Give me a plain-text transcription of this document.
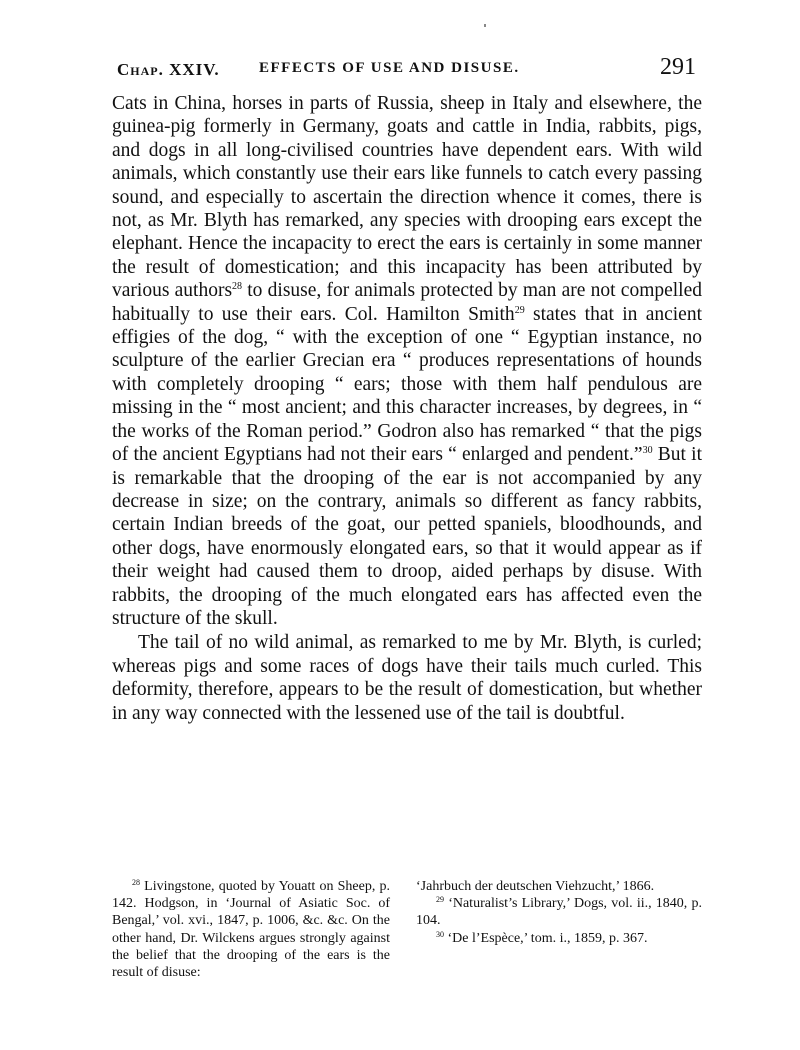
Chap. XXIV.	EFFECTS OF USE AND DISUSE.	291

Cats in China, horses in parts of Russia, sheep in Italy and elsewhere, the guinea-pig formerly in Germany, goats and cattle in India, rabbits, pigs, and dogs in all long-civilised countries have dependent ears. With wild animals, which constantly use their ears like funnels to catch every passing sound, and especially to ascertain the direction whence it comes, there is not, as Mr. Blyth has remarked, any species with drooping ears except the elephant. Hence the incapacity to erect the ears is certainly in some manner the result of domestication; and this incapacity has been attributed by various authors$^{28}$ to disuse, for animals protected by man are not compelled habitually to use their ears. Col. Hamilton Smith$^{29}$ states that in ancient effigies of the dog, “ with the exception of one “ Egyptian instance, no sculpture of the earlier Grecian era “ produces representations of hounds with completely drooping “ ears; those with them half pendulous are missing in the “ most ancient; and this character increases, by degrees, in “ the works of the Roman period.” Godron also has remarked “ that the pigs of the ancient Egyptians had not their ears “ enlarged and pendent.”$^{30}$ But it is remarkable that the drooping of the ear is not accompanied by any decrease in size; on the contrary, animals so different as fancy rabbits, certain Indian breeds of the goat, our petted spaniels, bloodhounds, and other dogs, have enormously elongated ears, so that it would appear as if their weight had caused them to droop, aided perhaps by disuse. With rabbits, the drooping of the much elongated ears has affected even the structure of the skull.

The tail of no wild animal, as remarked to me by Mr. Blyth, is curled; whereas pigs and some races of dogs have their tails much curled. This deformity, therefore, appears to be the result of domestication, but whether in any way connected with the lessened use of the tail is doubtful.

$^{28}$ Livingstone, quoted by Youatt on Sheep, p. 142. Hodgson, in ‘Journal of Asiatic Soc. of Bengal,’ vol. xvi., 1847, p. 1006, &c. &c. On the other hand, Dr. Wilckens argues strongly against the belief that the drooping of the ears is the result of disuse:

‘Jahrbuch der deutschen Viehzucht,’ 1866.

$^{29}$ ‘Naturalist’s Library,’ Dogs, vol. ii., 1840, p. 104.

$^{30}$ ‘De l’Espèce,’ tom. i., 1859, p. 367.
